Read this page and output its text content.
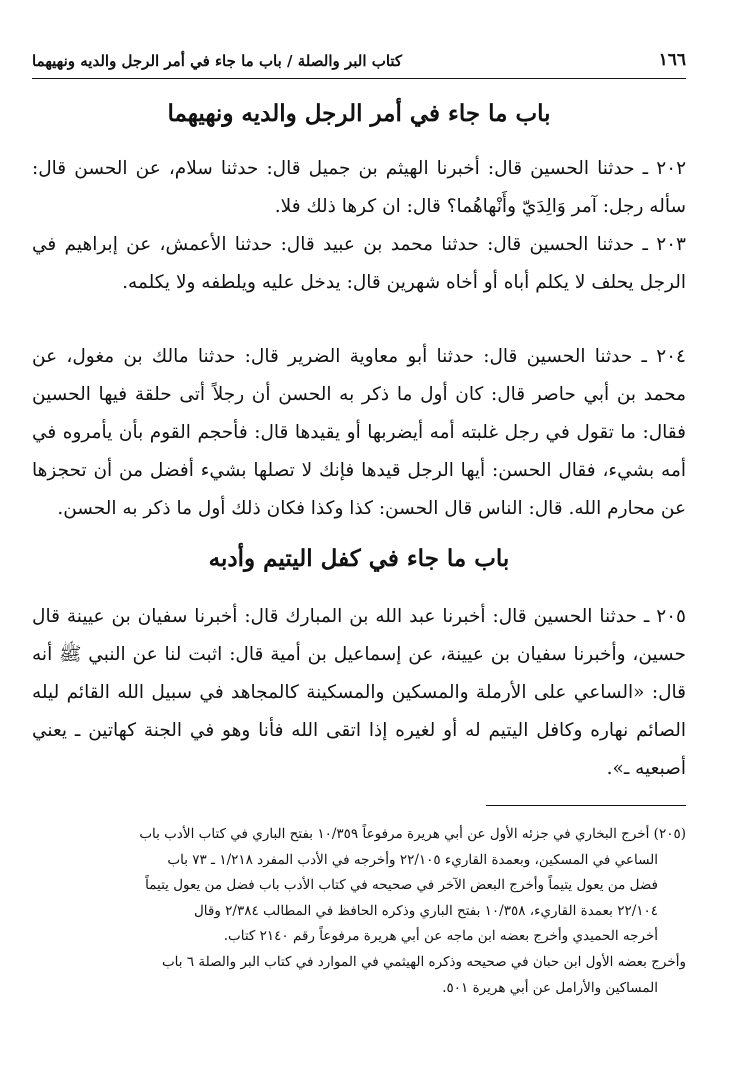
١٦٦
كتاب البر والصلة / باب ما جاء في أمر الرجل والديه ونهيهما
باب ما جاء في أمر الرجل والديه ونهيهما

٢٠٢ ـ حدثنا الحسين قال: أخبرنا الهيثم بن جميل قال: حدثنا سلام، عن الحسن قال: سأله رجل: آمر وَالِدَيّ وأَنْهاهُما؟ قال: ان كرها ذلك فلا.

٢٠٣ ـ حدثنا الحسين قال: حدثنا محمد بن عبيد قال: حدثنا الأعمش، عن إبراهيم في الرجل يحلف لا يكلم أباه أو أخاه شهرين قال: يدخل عليه ويلطفه ولا يكلمه.

٢٠٤ ـ حدثنا الحسين قال: حدثنا أبو معاوية الضرير قال: حدثنا مالك بن مغول، عن محمد بن أبي حاصر قال: كان أول ما ذكر به الحسن أن رجلاً أتى حلقة فيها الحسين فقال: ما تقول في رجل غلبته أمه أيضربها أو يقيدها قال: فأحجم القوم بأن يأمروه في أمه بشيء، فقال الحسن: أيها الرجل قيدها فإنك لا تصلها بشيء أفضل من أن تحجزها عن محارم الله. قال: الناس قال الحسن: كذا وكذا فكان ذلك أول ما ذكر به الحسن.

باب ما جاء في كفل اليتيم وأدبه

٢٠٥ ـ حدثنا الحسين قال: أخبرنا عبد الله بن المبارك قال: أخبرنا سفيان بن عيينة قال حسين، وأخبرنا سفيان بن عيينة، عن إسماعيل بن أمية قال: اثبت لنا عن النبي ﷺ أنه قال: «الساعي على الأرملة والمسكين والمسكينة كالمجاهد في سبيل الله القائم ليله الصائم نهاره وكافل اليتيم له أو لغيره إذا اتقى الله فأنا وهو في الجنة كهاتين ـ يعني أصبعيه ـ».

(٢٠٥) أخرج البخاري في جزئه الأول عن أبي هريرة مرفوعاً ١٠/٣٥٩ بفتح الباري في كتاب الأدب باب
الساعي في المسكين، وبعمدة القاريء ٢٢/١٠٥ وأخرجه في الأدب المفرد ١/٢١٨ ـ ٧٣ باب
فضل من يعول يتيماً وأخرج البعض الآخر في صحيحه في كتاب الأدب باب فضل من يعول يتيماً
٢٢/١٠٤ بعمدة القاريء، ١٠/٣٥٨ بفتح الباري وذكره الحافظ في المطالب ٢/٣٨٤ وقال
أخرجه الحميدي وأخرج بعضه ابن ماجه عن أبي هريرة مرفوعاً رقم ٢١٤٠ كتاب.
وأخرج بعضه الأول ابن حبان في صحيحه وذكره الهيثمي في الموارد في كتاب البر والصلة ٦ باب
المساكين والأرامل عن أبي هريرة ٥٠١.
